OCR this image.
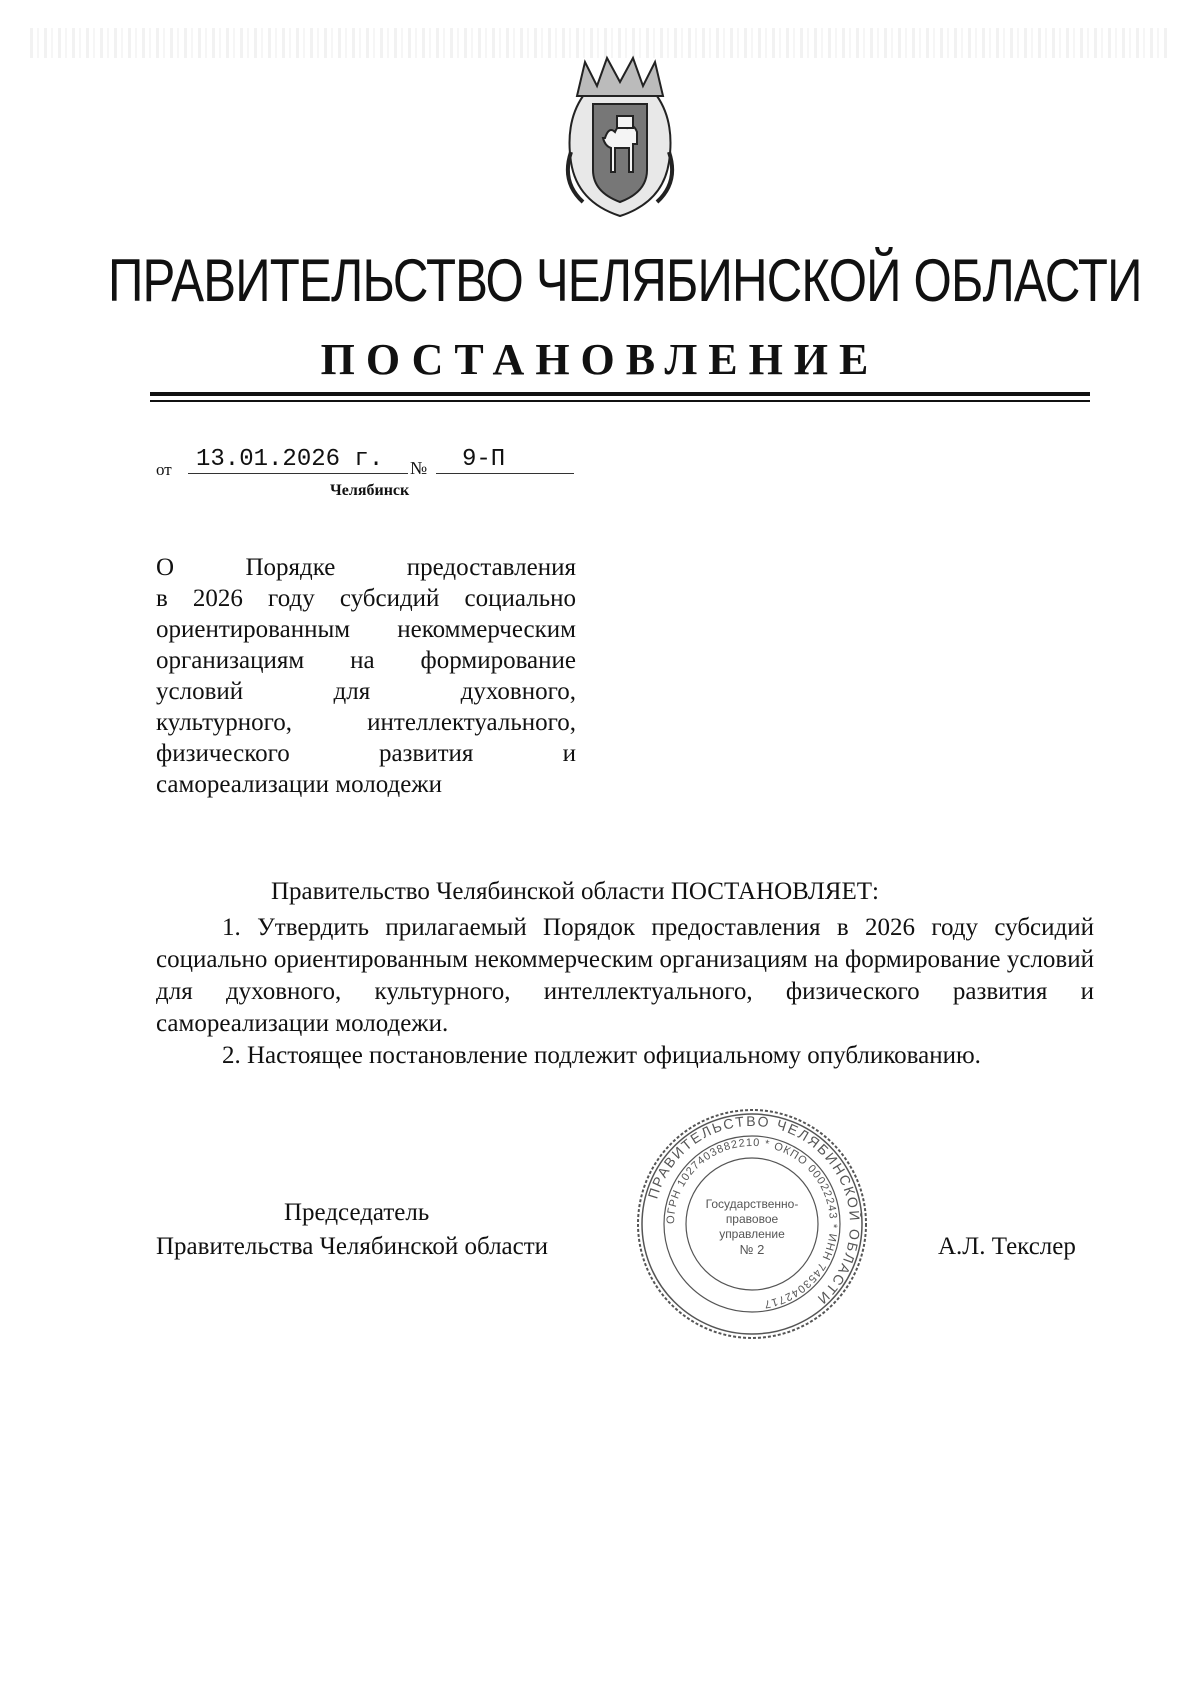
ПРАВИТЕЛЬСТВО ЧЕЛЯБИНСКОЙ ОБЛАСТИ
ПОСТАНОВЛЕНИЕ
от	13.01.2026 г.	№	9-П
Челябинск
О Порядке предоставления
в 2026 году субсидий социально
ориентированным некоммерческим
организациям на формирование
условий для духовного,
культурного, интеллектуального,
физического развития и
самореализации молодежи
Правительство Челябинской области ПОСТАНОВЛЯЕТ:
1. Утвердить прилагаемый Порядок предоставления в 2026 году субсидий социально ориентированным некоммерческим организациям на формирование условий для духовного, культурного, интеллектуального, физического развития и самореализации молодежи.
2. Настоящее постановление подлежит официальному опубликованию.
Председатель
Правительства Челябинской области	А.Л. Текслер
ПРАВИТЕЛЬСТВО ЧЕЛЯБИНСКОЙ ОБЛАСТИ
ОГРН 1027403882210 * ОКПО 00022243 * ИНН 7453042717
Государственно-
правовое
управление
№ 2
